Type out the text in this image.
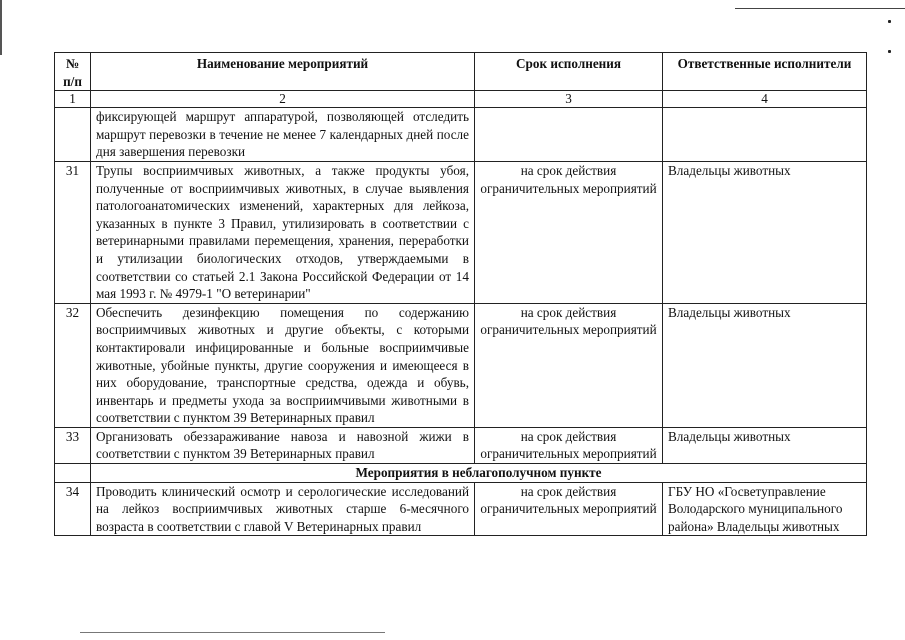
№ п/п	Наименование мероприятий	Срок исполнения	Ответственные исполнители
1	2	3	4
	фиксирующей маршрут аппаратурой, позволяющей отследить маршрут перевозки в течение не менее 7 календарных дней после дня завершения перевозки		
31	Трупы восприимчивых животных, а также продукты убоя, полученные от восприимчивых животных, в случае выявления патологоанатомических изменений, характерных для лейкоза, указанных в пункте 3 Правил, утилизировать в соответствии с ветеринарными правилами перемещения, хранения, переработки и утилизации биологических отходов, утверждаемыми в соответствии со статьей 2.1 Закона Российской Федерации от 14 мая 1993 г. № 4979-1 "О ветеринарии"	на срок действия ограничительных мероприятий	Владельцы животных
32	Обеспечить дезинфекцию помещения по содержанию восприимчивых животных и другие объекты, с которыми контактировали инфицированные и больные восприимчивые животные, убойные пункты, другие сооружения и имеющееся в них оборудование, транспортные средства, одежда и обувь, инвентарь и предметы ухода за восприимчивыми животными в соответствии с пунктом 39 Ветеринарных правил	на срок действия ограничительных мероприятий	Владельцы животных
33	Организовать обеззараживание навоза и навозной жижи в соответствии с пунктом 39 Ветеринарных правил	на срок действия ограничительных мероприятий	Владельцы животных
	Мероприятия в неблагополучном пункте		
34	Проводить клинический осмотр и серологические исследований на лейкоз восприимчивых животных старше 6-месячного возраста в соответствии с главой V Ветеринарных правил	на срок действия ограничительных мероприятий	ГБУ НО «Госветуправление Володарского муниципального района» Владельцы животных
